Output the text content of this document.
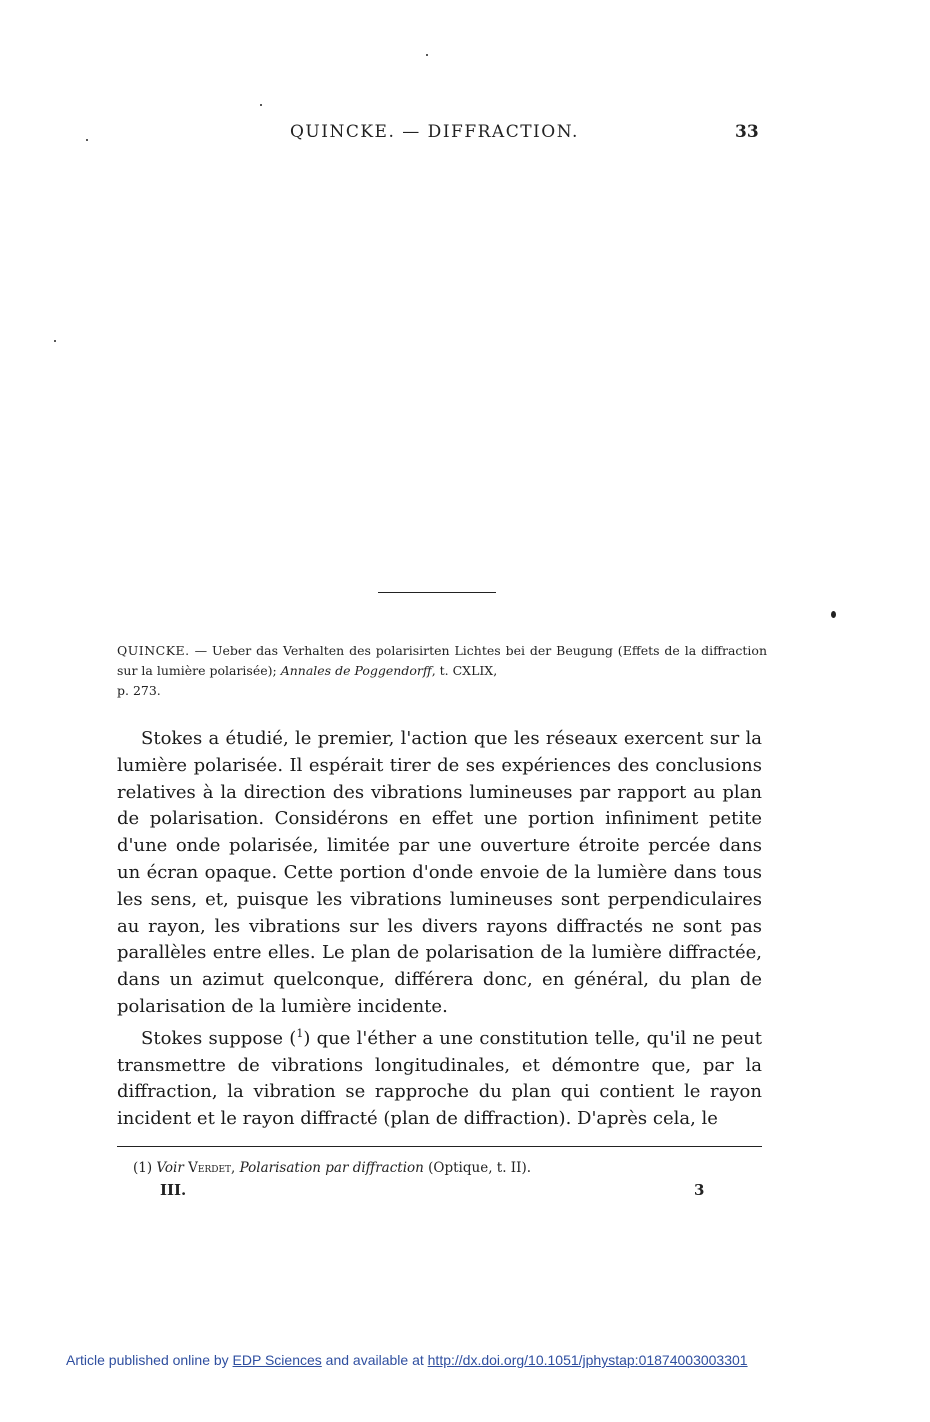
QUINCKE. — DIFFRACTION.	33
QUINCKE. — Ueber das Verhalten des polarisirten Lichtes bei der Beugung (Effets de la diffraction sur la lumière polarisée); Annales de Poggendorff, t. CXLIX,
p. 273.

Stokes a étudié, le premier, l'action que les réseaux exercent sur la lumière polarisée. Il espérait tirer de ses expériences des conclusions relatives à la direction des vibrations lumineuses par rapport au plan de polarisation. Considérons en effet une portion infiniment petite d'une onde polarisée, limitée par une ouverture étroite percée dans un écran opaque. Cette portion d'onde envoie de la lumière dans tous les sens, et, puisque les vibrations lumineuses sont perpendiculaires au rayon, les vibrations sur les divers rayons diffractés ne sont pas parallèles entre elles. Le plan de polarisation de la lumière diffractée, dans un azimut quelconque, différera donc, en général, du plan de polarisation de la lumière incidente.

Stokes suppose ($^1$) que l'éther a une constitution telle, qu'il ne peut transmettre de vibrations longitudinales, et démontre que, par la diffraction, la vibration se rapproche du plan qui contient le rayon incident et le rayon diffracté (plan de diffraction). D'après cela, le

(1) Voir Verdet, Polarisation par diffraction (Optique, t. II).
III.	3
Article published online by EDP Sciences and available at http://dx.doi.org/10.1051/jphystap:01874003003301
